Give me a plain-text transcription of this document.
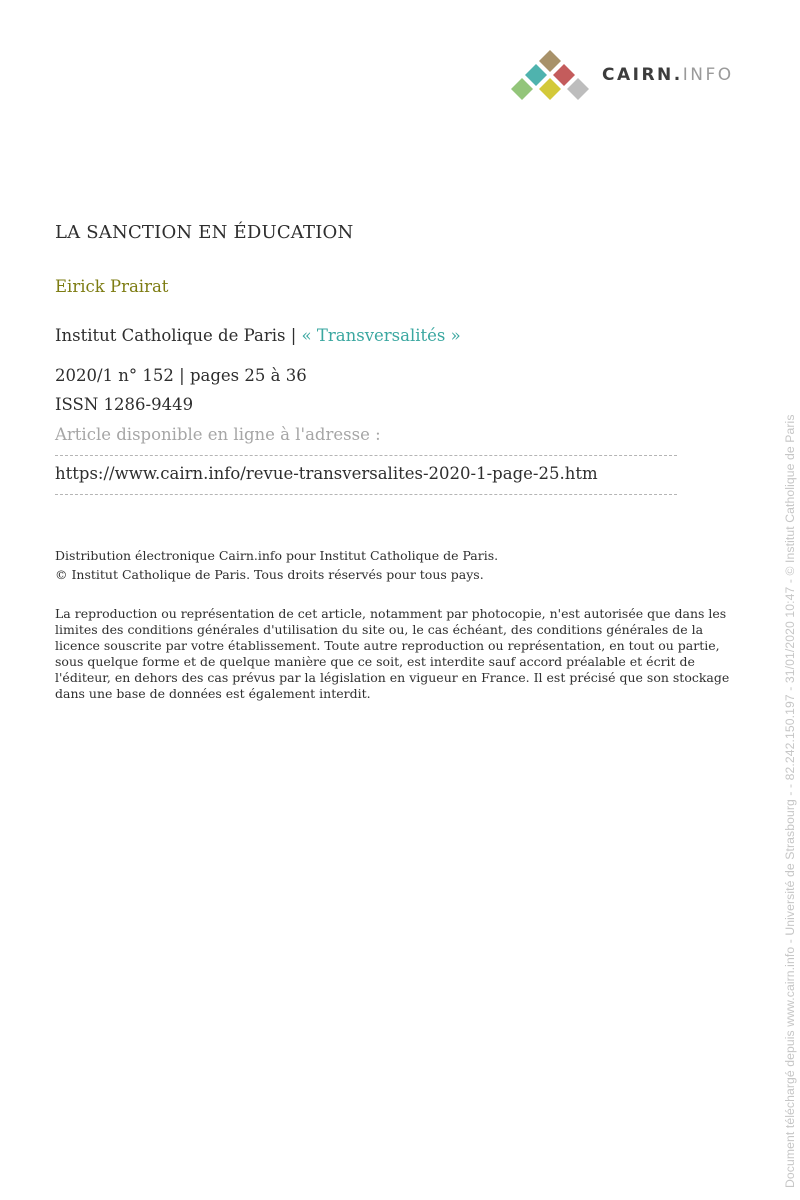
CAIRN.INFO
LA SANCTION EN ÉDUCATION
Eirick Prairat
Institut Catholique de Paris | « Transversalités »
2020/1 n° 152 | pages 25 à 36
ISSN 1286-9449
Article disponible en ligne à l'adresse :
https://www.cairn.info/revue-transversalites-2020-1-page-25.htm
Distribution électronique Cairn.info pour Institut Catholique de Paris.
© Institut Catholique de Paris. Tous droits réservés pour tous pays.
La reproduction ou représentation de cet article, notamment par photocopie, n'est autorisée que dans les limites des conditions générales d'utilisation du site ou, le cas échéant, des conditions générales de la licence souscrite par votre établissement. Toute autre reproduction ou représentation, en tout ou partie, sous quelque forme et de quelque manière que ce soit, est interdite sauf accord préalable et écrit de l'éditeur, en dehors des cas prévus par la législation en vigueur en France. Il est précisé que son stockage dans une base de données est également interdit.	Document téléchargé depuis www.cairn.info - Université de Strasbourg - - 82.242.150.197 - 31/01/2020 10:47 - © Institut Catholique de Paris
